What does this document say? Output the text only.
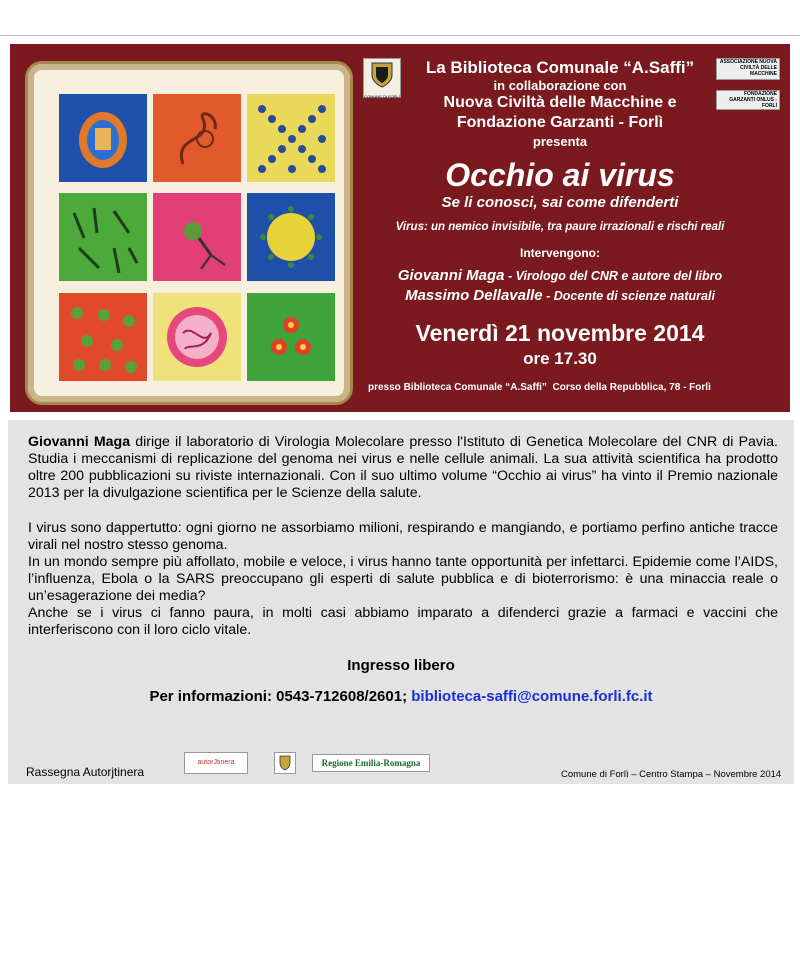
COMUNE DI FORLÌ
ASSOCIAZIONE NUOVA CIVILTÀ DELLE MACCHINE
FONDAZIONE GARZANTI ONLUS - FORLÌ
La Biblioteca Comunale “A.Saffi”
in collaborazione con
Nuova Civiltà delle Macchine e
Fondazione Garzanti - Forlì
presenta
Occhio ai virus
Se li conosci, sai come difenderti
Virus: un nemico invisibile, tra paure irrazionali e rischi reali
Intervengono:
Giovanni Maga - Virologo del CNR e autore del libro
Massimo Dellavalle - Docente di scienze naturali
Venerdì 21 novembre 2014
ore 17.30
presso Biblioteca Comunale “A.Saffi”  Corso della Repubblica, 78 - Forlì
Giovanni Maga dirige il laboratorio di Virologia Molecolare presso l'Istituto di Genetica Molecolare del CNR di Pavia. Studia i meccanismi di replicazione del genoma nei virus e nelle cellule animali. La sua attività scientifica ha prodotto oltre 200 pubblicazioni su riviste internazionali. Con il suo ultimo volume “Occhio ai virus” ha vinto il Premio nazionale 2013 per la divulgazione scientifica per le Scienze della salute.
I virus sono dappertutto: ogni giorno ne assorbiamo milioni, respirando e mangiando, e portiamo perfino antiche tracce virali nel nostro stesso genoma.
In un mondo sempre più affollato, mobile e veloce, i virus hanno tante opportunità per infettarci. Epidemie come l’AIDS, l’influenza, Ebola o la SARS preoccupano gli esperti di salute pubblica e di bioterrorismo: è una minaccia reale o un’esagerazione dei media?
Anche se i virus ci fanno paura, in molti casi abbiamo imparato a difenderci grazie a farmaci e vaccini che interferiscono con il loro ciclo vitale.
Ingresso libero
Per informazioni: 0543-712608/2601; biblioteca-saffi@comune.forli.fc.it
Rassegna Autorjtinera
autorJtinera	Regione Emilia-Romagna
Comune di Forlì – Centro Stampa – Novembre 2014
